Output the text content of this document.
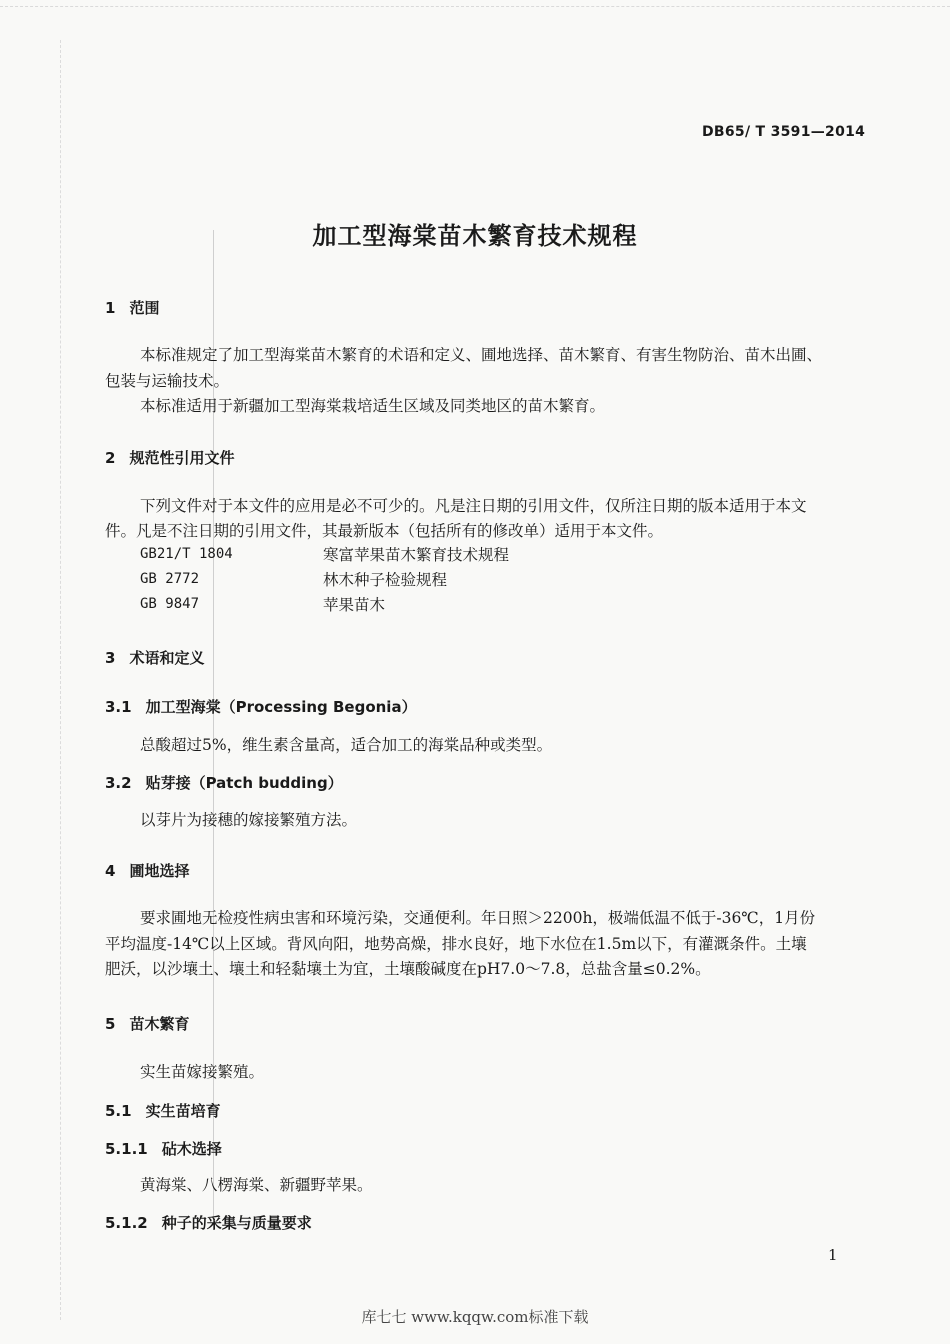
DB65/ T 3591—2014
加工型海棠苗木繁育技术规程
1 范围
本标准规定了加工型海棠苗木繁育的术语和定义、圃地选择、苗木繁育、有害生物防治、苗木出圃、
包装与运输技术。
本标准适用于新疆加工型海棠栽培适生区域及同类地区的苗木繁育。
2 规范性引用文件
下列文件对于本文件的应用是必不可少的。凡是注日期的引用文件，仅所注日期的版本适用于本文
件。凡是不注日期的引用文件，其最新版本（包括所有的修改单）适用于本文件。
GB21/T 1804	寒富苹果苗木繁育技术规程
GB 2772	林木种子检验规程
GB 9847	苹果苗木
3 术语和定义
3.1 加工型海棠（Processing Begonia）
总酸超过5%，维生素含量高，适合加工的海棠品种或类型。
3.2 贴芽接（Patch budding）
以芽片为接穗的嫁接繁殖方法。
4 圃地选择
要求圃地无检疫性病虫害和环境污染，交通便利。年日照＞2200h，极端低温不低于-36℃，1月份
平均温度-14℃以上区域。背风向阳，地势高燥，排水良好，地下水位在1.5m以下，有灌溉条件。土壤
肥沃，以沙壤土、壤土和轻黏壤土为宜，土壤酸碱度在pH7.0～7.8，总盐含量≤0.2%。
5 苗木繁育
实生苗嫁接繁殖。
5.1 实生苗培育
5.1.1 砧木选择
黄海棠、八楞海棠、新疆野苹果。
5.1.2 种子的采集与质量要求
1
库七七 www.kqqw.com标准下载
